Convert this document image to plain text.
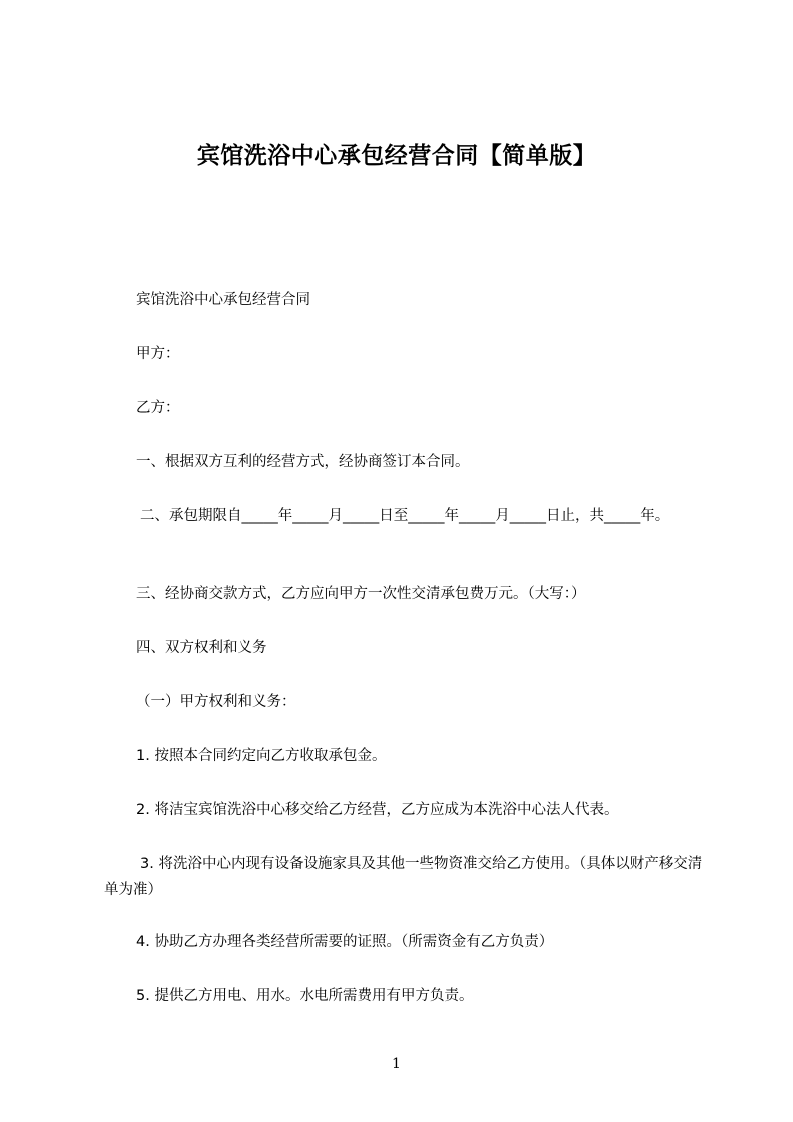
宾馆洗浴中心承包经营合同【简单版】
宾馆洗浴中心承包经营合同
甲方：
乙方：
一、根据双方互利的经营方式，经协商签订本合同。
二、承包期限自_____年_____月_____日至_____年_____月_____日止，共_____年。
三、经协商交款方式，乙方应向甲方一次性交清承包费万元。（大写：）
四、双方权利和义务
（一）甲方权利和义务：
1. 按照本合同约定向乙方收取承包金。
2. 将洁宝宾馆洗浴中心移交给乙方经营，乙方应成为本洗浴中心法人代表。
3. 将洗浴中心内现有设备设施家具及其他一些物资准交给乙方使用。（具体以财产移交清单为准）
4. 协助乙方办理各类经营所需要的证照。（所需资金有乙方负责）
5. 提供乙方用电、用水。水电所需费用有甲方负责。
1
